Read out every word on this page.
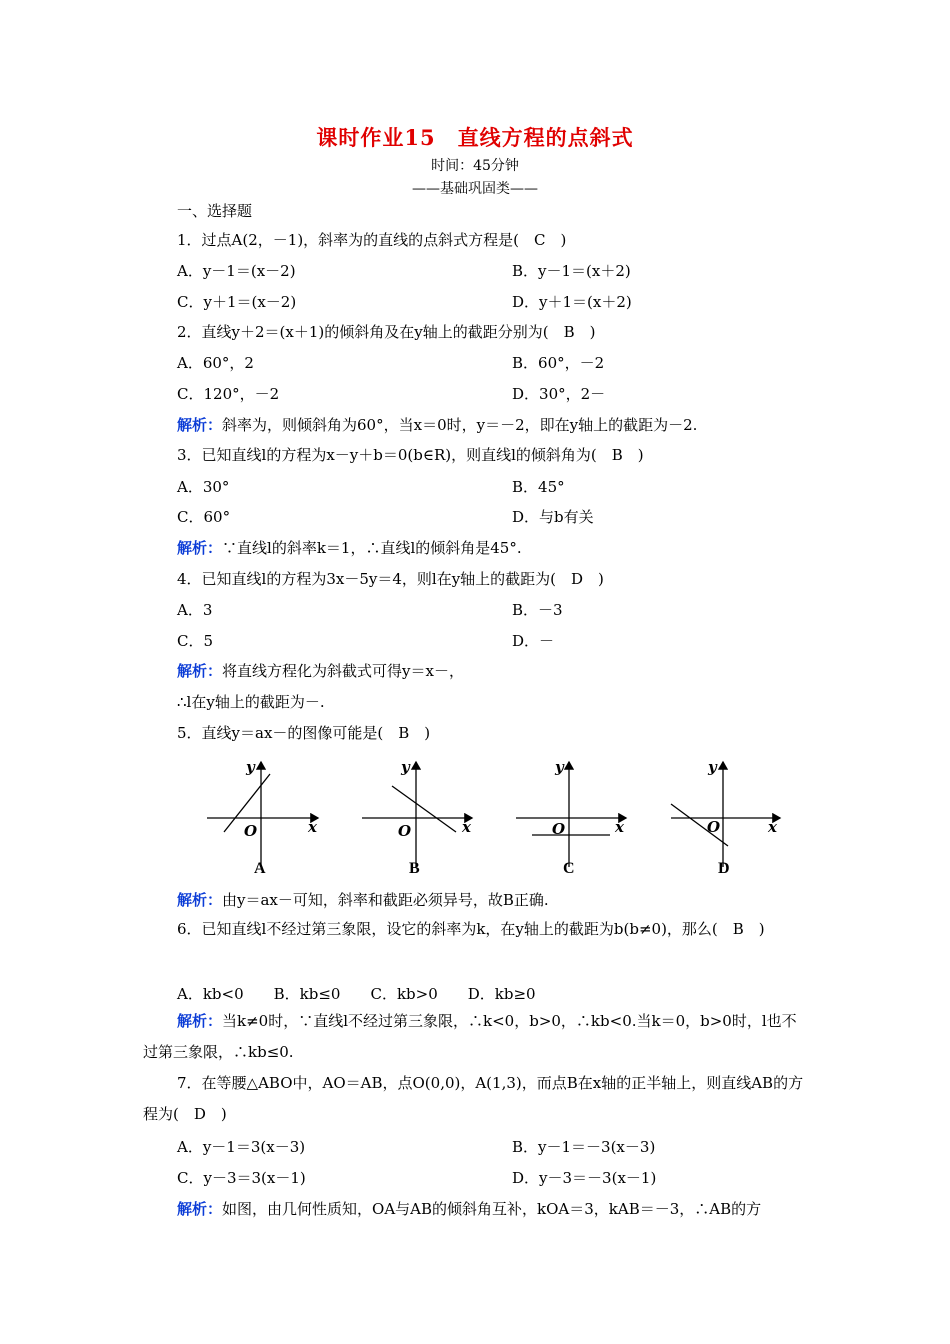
课时作业15　直线方程的点斜式
时间：45分钟
——基础巩固类——
一、选择题
1．过点A(2，－1)，斜率为的直线的点斜式方程是(　C　)
A．y－1＝(x－2)	B．y－1＝(x＋2)
C．y＋1＝(x－2)	D．y＋1＝(x＋2)
2．直线y＋2＝(x＋1)的倾斜角及在y轴上的截距分别为(　B　)
A．60°，2	B．60°，－2
C．120°，－2	D．30°，2－
解析：斜率为，则倾斜角为60°，当x＝0时，y＝－2，即在y轴上的截距为－2.
3．已知直线l的方程为x－y＋b＝0(b∈R)，则直线l的倾斜角为(　B　)
A．30°	B．45°
C．60°	D．与b有关
解析：∵直线l的斜率k＝1，∴直线l的倾斜角是45°.
4．已知直线l的方程为3x－5y＝4，则l在y轴上的截距为(　D　)
A．3	B．－3
C．5	D．－
解析：将直线方程化为斜截式可得y＝x－，
∴l在y轴上的截距为－.
5．直线y＝ax－的图像可能是(　B　)
y
x
O
A
y
x
O
B
y
x
O
C
y
x
O
D
解析：由y＝ax－可知，斜率和截距必须异号，故B正确.
6．已知直线l不经过第三象限，设它的斜率为k，在y轴上的截距为b(b≠0)，那么(　B　)
A．kb<0　　B．kb≤0　　C．kb>0　　D．kb≥0
解析：当k≠0时，∵直线l不经过第三象限，∴k<0，b>0，∴kb<0.当k＝0，b>0时，l也不过第三象限，∴kb≤0.
7．在等腰△ABO中，AO＝AB，点O(0,0)，A(1,3)，而点B在x轴的正半轴上，则直线AB的方程为(　D　)
A．y－1＝3(x－3)	B．y－1＝－3(x－3)
C．y－3＝3(x－1)	D．y－3＝－3(x－1)
解析：如图，由几何性质知，OA与AB的倾斜角互补，kOA＝3，kAB＝－3，∴AB的方
